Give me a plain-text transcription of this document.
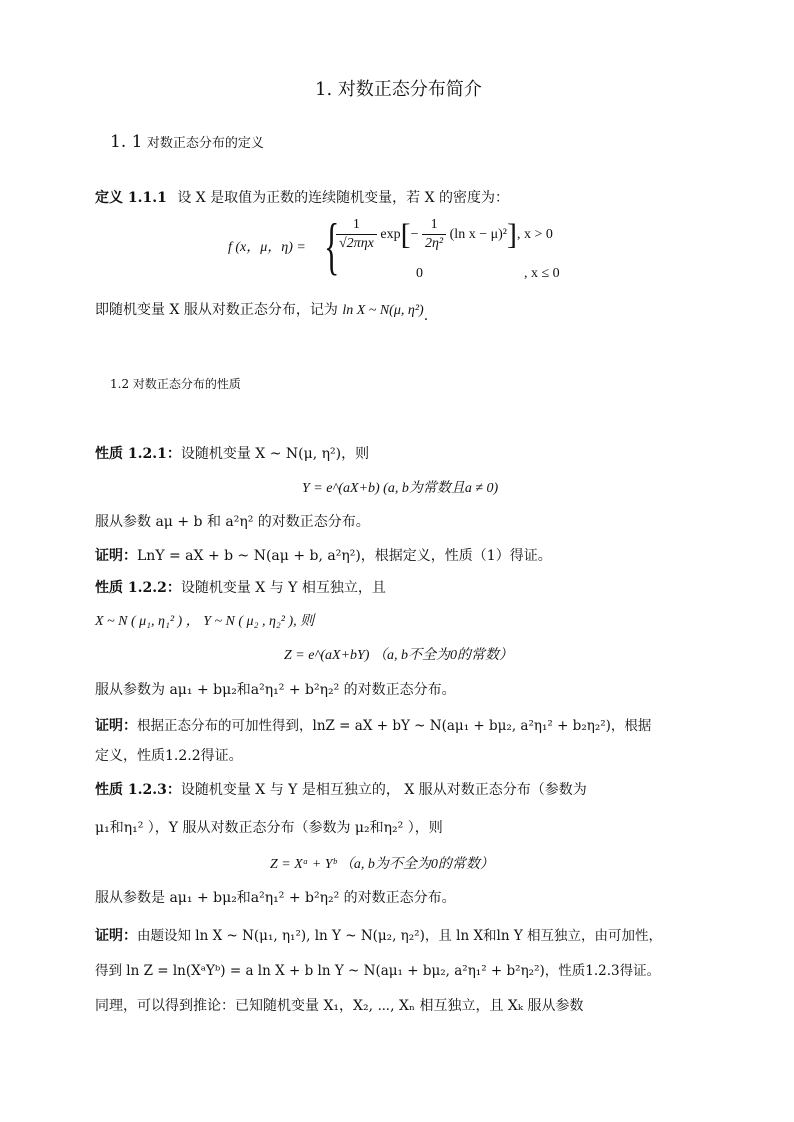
1. 对数正态分布简介
1. 1 对数正态分布的定义
定义 1.1.1 设 X 是取值为正数的连续随机变量，若 X 的密度为：
f (x，μ，η) = {
$\frac{1}{\text{√2πηx}} \exp[- \frac{1}{\text{2η²}} (\ln$ x − μ)²], x > 0
0	, x ≤ 0
即随机变量 X 服从对数正态分布，记为 ln X ~ N(μ, η²).
1.2 对数正态分布的性质
性质 1.2.1：设随机变量 X ~ N(μ, η²)，则
Y = e^(aX+b) (a, b为常数且a ≠ 0)
服从参数 aμ + b 和 a²η² 的对数正态分布。
证明：LnY = aX + b ~ N(aμ + b, a²η²)，根据定义，性质（1）得证。
性质 1.2.2：设随机变量 X 与 Y 相互独立，且
X ~ N ( μ₁, η₁² ) ， Y ~ N ( μ₂ , η₂² ), 则
Z = e^(aX+bY) （a, b不全为0的常数）
服从参数为 aμ₁ + bμ₂和a²η₁² + b²η₂² 的对数正态分布。
证明：根据正态分布的可加性得到，lnZ = aX + bY ~ N(aμ₁ + bμ₂, a²η₁² + b₂η₂²)，根据
定义，性质1.2.2得证。
性质 1.2.3：设随机变量 X 与 Y 是相互独立的， X 服从对数正态分布（参数为
μ₁和η₁² ），Y 服从对数正态分布（参数为 μ₂和η₂² ），则
Z = Xᵃ + Yᵇ （a, b为不全为0的常数）
服从参数是 aμ₁ + bμ₂和a²η₁² + b²η₂² 的对数正态分布。
证明：由题设知 ln X ~ N(μ₁, η₁²), ln Y ~ N(μ₂, η₂²)，且 ln X和ln Y 相互独立，由可加性，
得到 ln Z = ln(XᵃYᵇ) = a ln X + b ln Y ~ N(aμ₁ + bμ₂, a²η₁² + b²η₂²)，性质1.2.3得证。
同理，可以得到推论：已知随机变量 X₁，X₂, ⋯, Xₙ 相互独立，且 Xₖ 服从参数
